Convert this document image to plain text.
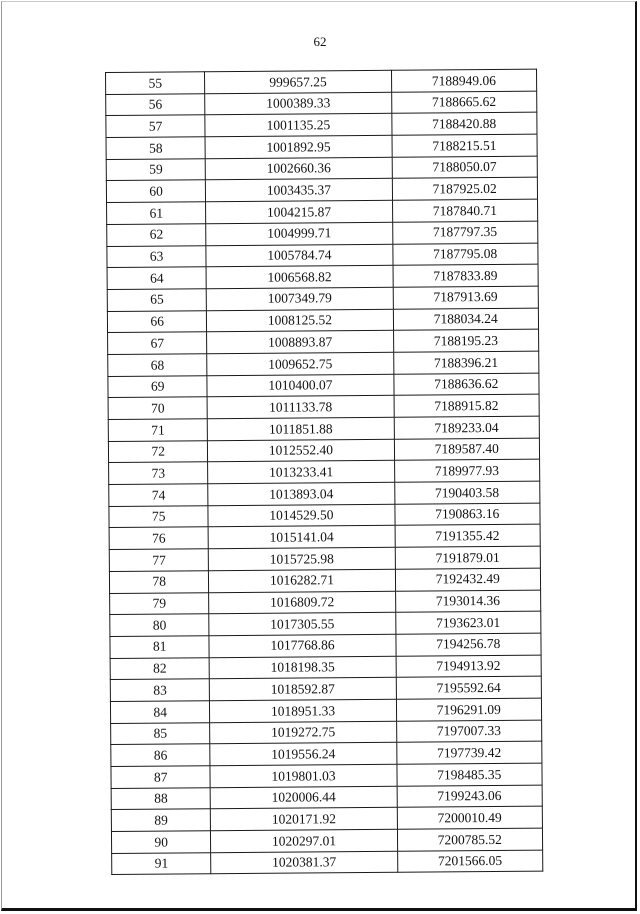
62
55	999657.25	7188949.06
56	1000389.33	7188665.62
57	1001135.25	7188420.88
58	1001892.95	7188215.51
59	1002660.36	7188050.07
60	1003435.37	7187925.02
61	1004215.87	7187840.71
62	1004999.71	7187797.35
63	1005784.74	7187795.08
64	1006568.82	7187833.89
65	1007349.79	7187913.69
66	1008125.52	7188034.24
67	1008893.87	7188195.23
68	1009652.75	7188396.21
69	1010400.07	7188636.62
70	1011133.78	7188915.82
71	1011851.88	7189233.04
72	1012552.40	7189587.40
73	1013233.41	7189977.93
74	1013893.04	7190403.58
75	1014529.50	7190863.16
76	1015141.04	7191355.42
77	1015725.98	7191879.01
78	1016282.71	7192432.49
79	1016809.72	7193014.36
80	1017305.55	7193623.01
81	1017768.86	7194256.78
82	1018198.35	7194913.92
83	1018592.87	7195592.64
84	1018951.33	7196291.09
85	1019272.75	7197007.33
86	1019556.24	7197739.42
87	1019801.03	7198485.35
88	1020006.44	7199243.06
89	1020171.92	7200010.49
90	1020297.01	7200785.52
91	1020381.37	7201566.05
